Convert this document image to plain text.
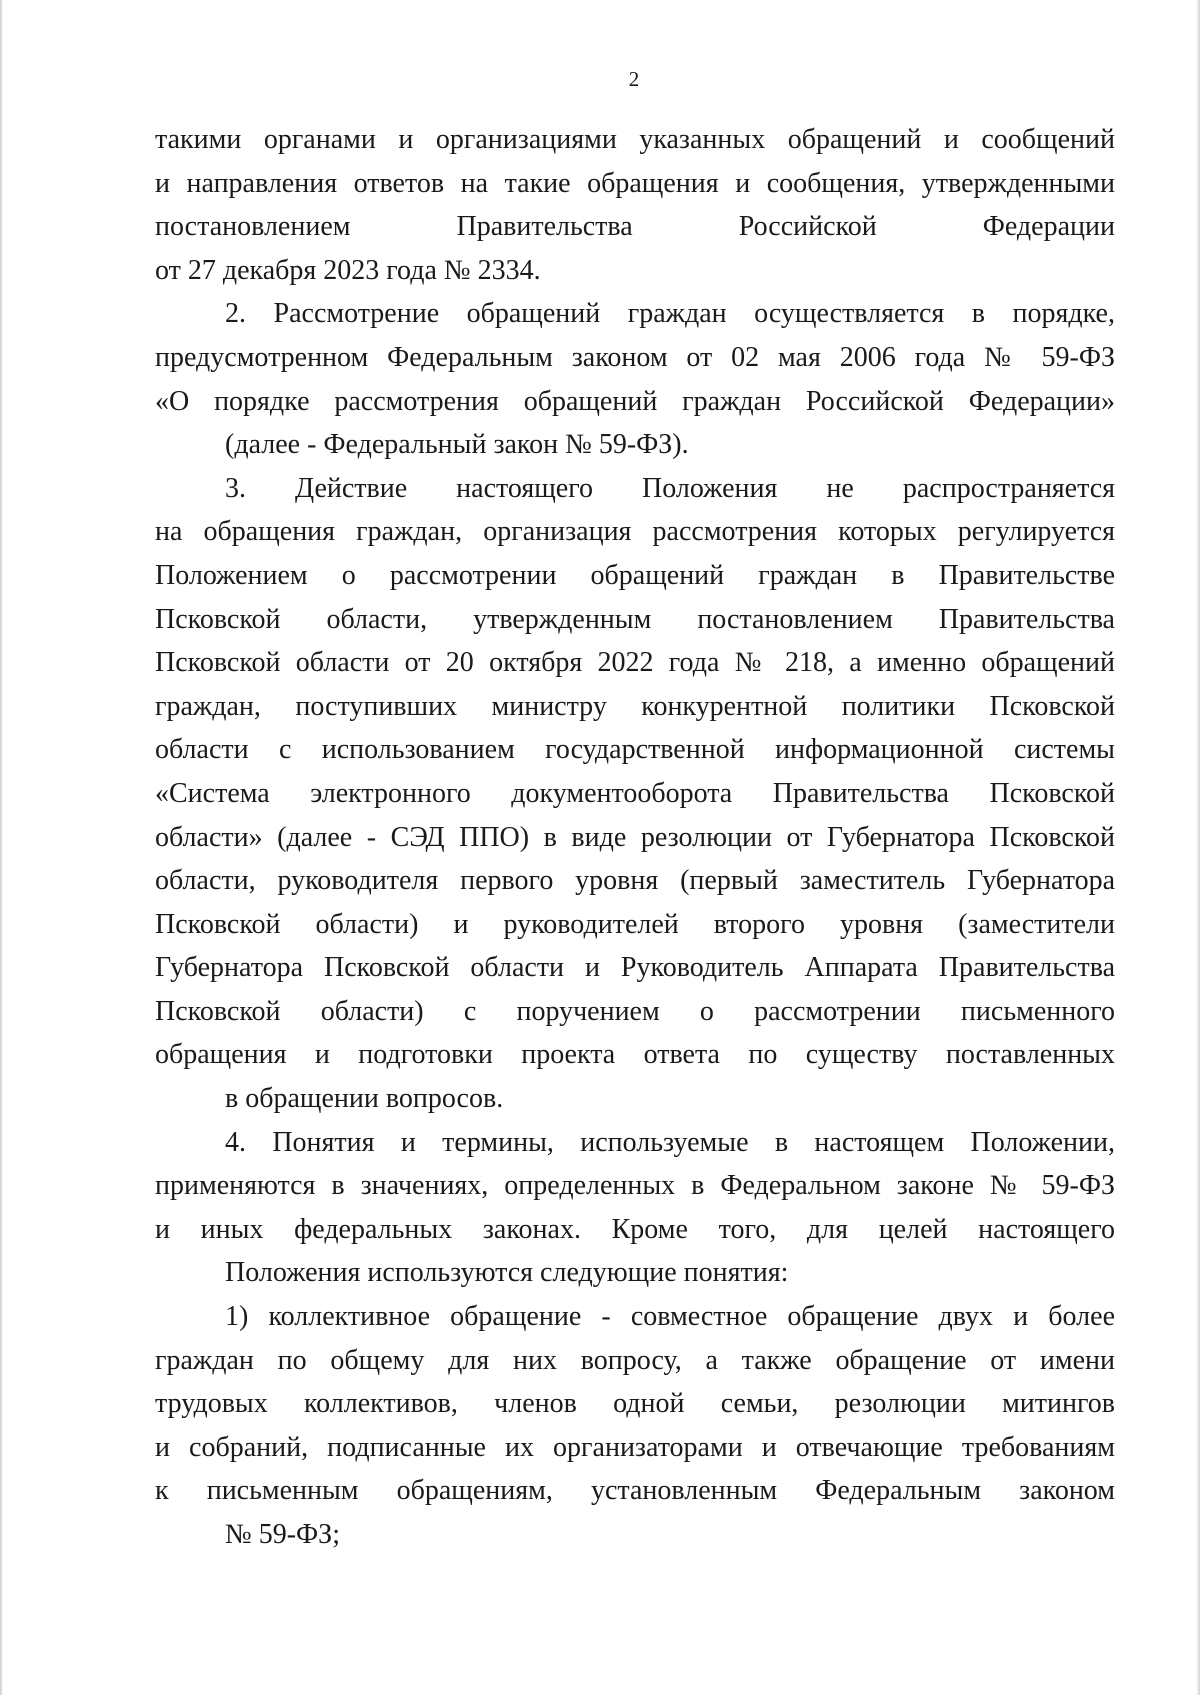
2
такими органами и организациями указанных обращений и сообщений
и направления ответов на такие обращения и сообщения, утвержденными
постановлением Правительства Российской Федерации
от 27 декабря 2023 года № 2334.
2. Рассмотрение обращений граждан осуществляется в порядке,
предусмотренном Федеральным законом от 02 мая 2006 года № 59-ФЗ
«О порядке рассмотрения обращений граждан Российской Федерации»
(далее - Федеральный закон № 59-ФЗ).
3. Действие настоящего Положения не распространяется
на обращения граждан, организация рассмотрения которых регулируется
Положением о рассмотрении обращений граждан в Правительстве
Псковской области, утвержденным постановлением Правительства
Псковской области от 20 октября 2022 года № 218, а именно обращений
граждан, поступивших министру конкурентной политики Псковской
области с использованием государственной информационной системы
«Система электронного документооборота Правительства Псковской
области» (далее - СЭД ППО) в виде резолюции от Губернатора Псковской
области, руководителя первого уровня (первый заместитель Губернатора
Псковской области) и руководителей второго уровня (заместители
Губернатора Псковской области и Руководитель Аппарата Правительства
Псковской области) с поручением о рассмотрении письменного
обращения и подготовки проекта ответа по существу поставленных
в обращении вопросов.
4. Понятия и термины, используемые в настоящем Положении,
применяются в значениях, определенных в Федеральном законе № 59-ФЗ
и иных федеральных законах. Кроме того, для целей настоящего
Положения используются следующие понятия:
1) коллективное обращение - совместное обращение двух и более
граждан по общему для них вопросу, а также обращение от имени
трудовых коллективов, членов одной семьи, резолюции митингов
и собраний, подписанные их организаторами и отвечающие требованиям
к письменным обращениям, установленным Федеральным законом
№ 59-ФЗ;
